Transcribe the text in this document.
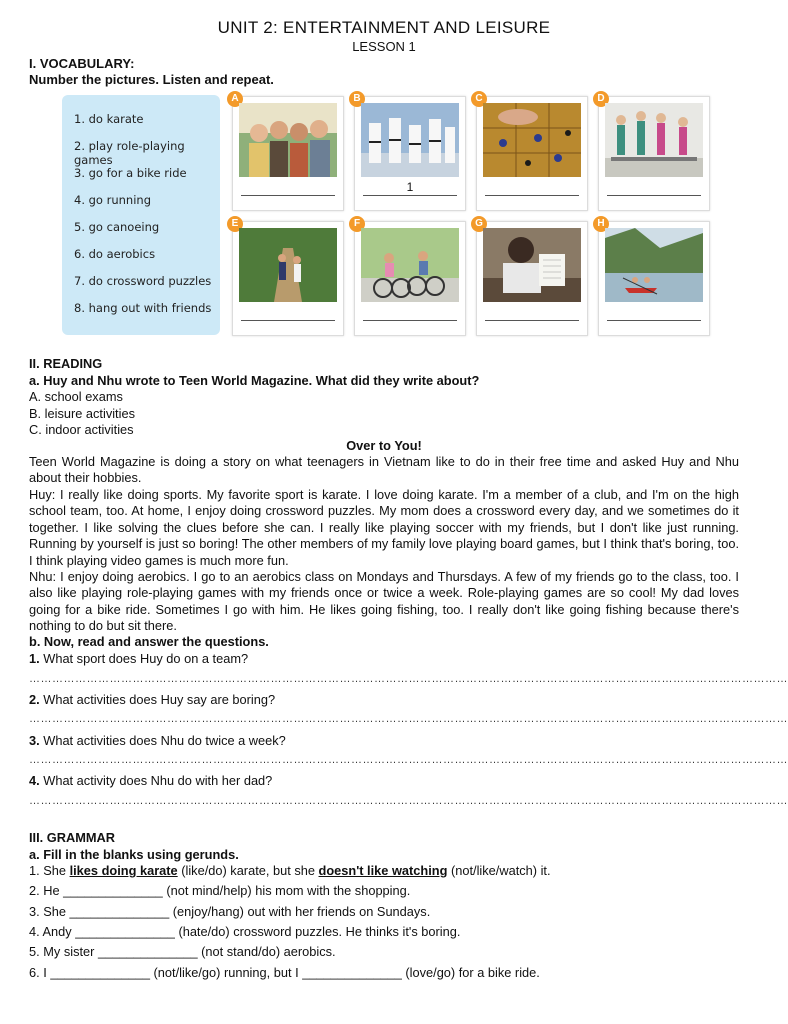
UNIT 2: ENTERTAINMENT AND LEISURE
LESSON 1
I. VOCABULARY:
Number the pictures. Listen and repeat.
1. do karate
2. play role-playing games
3. go for a bike ride
4. go running
5. go canoeing
6. do aerobics
7. do crossword puzzles
8. hang out with friends
A	B
1
C	D
E	F	G	H
II. READING
a. Huy and Nhu wrote to Teen World Magazine. What did they write about?
A. school exams
B. leisure activities
C. indoor activities
Over to You!
Teen World Magazine is doing a story on what teenagers in Vietnam like to do in their free time and asked Huy and Nhu about their hobbies.
Huy: I really like doing sports. My favorite sport is karate. I love doing karate. I'm a member of a club, and I'm on the high school team, too. At home, I enjoy doing crossword puzzles. My mom does a crossword every day, and we sometimes do it together. I like solving the clues before she can. I really like playing soccer with my friends, but I don't like just running. Running by yourself is just so boring! The other members of my family love playing board games, but I think that's boring, too. I think playing video games is much more fun.
Nhu: I enjoy doing aerobics. I go to an aerobics class on Mondays and Thursdays. A few of my friends go to the class, too. I also like playing role-playing games with my friends once or twice a week. Role-playing games are so cool! My dad loves going for a bike ride. Sometimes I go with him. He likes going fishing, too. I really don't like going fishing because there's nothing to do but sit there.
b. Now, read and answer the questions.
1. What sport does Huy do on a team?
………………………………………………………………………………………………………………………………………………………………………………
2. What activities does Huy say are boring?
………………………………………………………………………………………………………………………………………………………………………………
3. What activities does Nhu do twice a week?
………………………………………………………………………………………………………………………………………………………………………………
4. What activity does Nhu do with her dad?
………………………………………………………………………………………………………………………………………………………………………………
III. GRAMMAR
a. Fill in the blanks using gerunds.
1. She likes doing karate (like/do) karate, but she doesn't like watching (not/like/watch) it.
2. He ______________ (not mind/help) his mom with the shopping.
3. She ______________ (enjoy/hang) out with her friends on Sundays.
4. Andy ______________ (hate/do) crossword puzzles. He thinks it's boring.
5. My sister ______________ (not stand/do) aerobics.
6. I ______________ (not/like/go) running, but I ______________ (love/go) for a bike ride.
